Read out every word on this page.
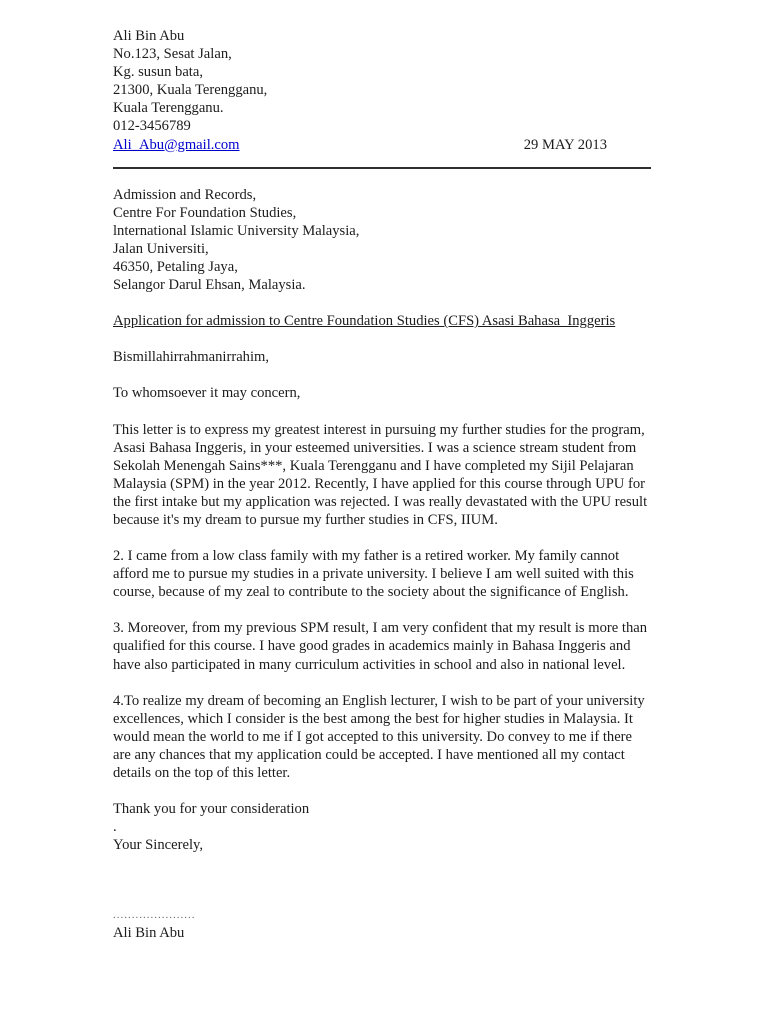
Ali Bin Abu
No.123, Sesat Jalan,
Kg. susun bata,
21300, Kuala Terengganu,
Kuala Terengganu.
012-3456789
Ali_Abu@gmail.com	29 MAY 2013
Admission and Records,
Centre For Foundation Studies,
lnternational Islamic University Malaysia,
Jalan Universiti,
46350, Petaling Jaya,
Selangor Darul Ehsan, Malaysia.
Application for admission to Centre Foundation Studies (CFS) Asasi Bahasa  Inggeris
Bismillahirrahmanirrahim,
To whomsoever it may concern,

This letter is to express my greatest interest in pursuing my further studies for the program, Asasi Bahasa Inggeris, in your esteemed universities. I was a science stream student from Sekolah Menengah Sains***, Kuala Terengganu and I have completed my Sijil Pelajaran Malaysia (SPM) in the year 2012. Recently, I have applied for this course through UPU for the first intake but my application was rejected. I was really devastated with the UPU result because it's my dream to pursue my further studies in CFS, IIUM.

2. I came from a low class family with my father is a retired worker. My family cannot afford me to pursue my studies in a private university. I believe I am well suited with this course, because of my zeal to contribute to the society about the significance of English.

3. Moreover, from my previous SPM result, I am very confident that my result is more than qualified for this course. I have good grades in academics mainly in Bahasa Inggeris and have also participated in many curriculum activities in school and also in national level.

4.To realize my dream of becoming an English lecturer, I wish to be part of your university excellences, which I consider is the best among the best for higher studies in Malaysia. It would mean the world to me if I got accepted to this university. Do convey to me if there are any chances that my application could be accepted. I have mentioned all my contact details on the top of this letter.

Thank you for your consideration
.
Your Sincerely,
......................
Ali Bin Abu
